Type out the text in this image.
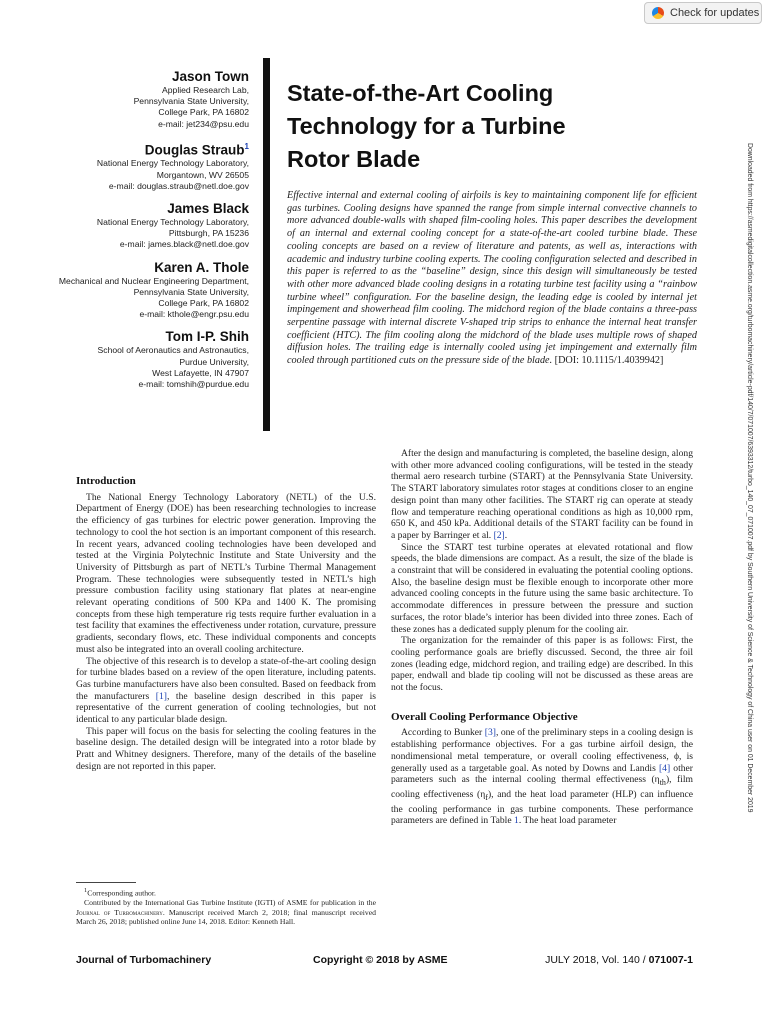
Check for updates
Jason Town
Applied Research Lab,
Pennsylvania State University,
College Park, PA 16802
e-mail: jet234@psu.edu
Douglas Straub$^1$
National Energy Technology Laboratory,
Morgantown, WV 26505
e-mail: douglas.straub@netl.doe.gov
James Black
National Energy Technology Laboratory,
Pittsburgh, PA 15236
e-mail: james.black@netl.doe.gov
Karen A. Thole
Mechanical and Nuclear Engineering Department,
Pennsylvania State University,
College Park, PA 16802
e-mail: kthole@engr.psu.edu
Tom I-P. Shih
School of Aeronautics and Astronautics,
Purdue University,
West Lafayette, IN 47907
e-mail: tomshih@purdue.edu
State-of-the-Art Cooling Technology for a Turbine Rotor Blade
Effective internal and external cooling of airfoils is key to maintaining component life for efficient gas turbines. Cooling designs have spanned the range from simple internal convective channels to more advanced double-walls with shaped film-cooling holes. This paper describes the development of an internal and external cooling concept for a state-of-the-art cooled turbine blade. These cooling concepts are based on a review of literature and patents, as well as, interactions with academic and industry turbine cooling experts. The cooling configuration selected and described in this paper is referred to as the “baseline” design, since this design will simultaneously be tested with other more advanced blade cooling designs in a rotating turbine test facility using a “rainbow turbine wheel” configuration. For the baseline design, the leading edge is cooled by internal jet impingement and showerhead film cooling. The midchord region of the blade contains a three-pass serpentine passage with internal discrete V-shaped trip strips to enhance the internal heat transfer coefficient (HTC). The film cooling along the midchord of the blade uses multiple rows of shaped diffusion holes. The trailing edge is internally cooled using jet impingement and externally film cooled through partitioned cuts on the pressure side of the blade. [DOI: 10.1115/1.4039942]	Downloaded from https://asmedigitalcollection.asme.org/turbomachinery/article-pdf/140/7/071007/6393312/turbo_140_07_071007.pdf by Southern University of Science & Technology of China user on 01 December 2019
Introduction

The National Energy Technology Laboratory (NETL) of the U.S. Department of Energy (DOE) has been researching technologies to increase the efficiency of gas turbines for electric power generation. Improving the technology to cool the hot section is an important component of this research. In recent years, advanced cooling technologies have been developed and tested at the Virginia Polytechnic Institute and State University and the University of Pittsburgh as part of NETL’s Turbine Thermal Management Program. These technologies were subsequently tested in NETL’s high pressure combustion facility using stationary flat plates at near-engine relevant operating conditions of 500 KPa and 1400 K. The promising concepts from these high temperature rig tests require further evaluation in a test facility that examines the effectiveness under rotation, curvature, pressure gradients, secondary flows, etc. These individual components and concepts must also be integrated into an overall cooling architecture.

The objective of this research is to develop a state-of-the-art cooling design for turbine blades based on a review of the open literature, including patents. Gas turbine manufacturers have also been consulted. Based on feedback from the manufacturers [1], the baseline design described in this paper is representative of the current generation of cooling technologies, but not identical to any particular blade design.

This paper will focus on the basis for selecting the cooling features in the baseline design. The detailed design will be integrated into a rotor blade by Pratt and Whitney designers. Therefore, many of the details of the baseline design are not reported in this paper.

After the design and manufacturing is completed, the baseline design, along with other more advanced cooling configurations, will be tested in the steady thermal aero research turbine (START) at the Pennsylvania State University. The START laboratory simulates rotor stages at conditions closer to an engine design point than many other facilities. The START rig can operate at steady flow and temperature reaching operational conditions as high as 10,000 rpm, 650 K, and 450 kPa. Additional details of the START facility can be found in a paper by Barringer et al. [2].

Since the START test turbine operates at elevated rotational and flow speeds, the blade dimensions are compact. As a result, the size of the blade is a constraint that will be considered in evaluating the potential cooling options. Also, the baseline design must be flexible enough to incorporate other more advanced cooling concepts in the future using the same basic architecture. To accommodate differences in pressure between the pressure and suction surfaces, the rotor blade’s interior has been divided into three zones. Each of these zones has a dedicated supply plenum for the cooling air.

The organization for the remainder of this paper is as follows: First, the cooling performance goals are briefly discussed. Second, the three air foil zones (leading edge, midchord region, and trailing edge) are described. In this paper, endwall and blade tip cooling will not be discussed as these areas are not the focus.

Overall Cooling Performance Objective

According to Bunker [3], one of the preliminary steps in a cooling design is establishing performance objectives. For a gas turbine airfoil design, the nondimensional metal temperature, or overall cooling effectiveness, ϕ, is generally used as a targetable goal. As noted by Downs and Landis [4] other parameters such as the internal cooling thermal effectiveness $(\eta_{th})$, film cooling effectiveness $(\eta_f)$, and the heat load parameter (HLP) can influence the cooling performance in gas turbine components. These performance parameters are defined in Table 1. The heat load parameter

$^1$Corresponding author.

Contributed by the International Gas Turbine Institute (IGTI) of ASME for publication in the Journal of Turbomachinery. Manuscript received March 2, 2018; final manuscript received March 26, 2018; published online June 14, 2018. Editor: Kenneth Hall.

Journal of Turbomachinery	Copyright © 2018 by ASME	JULY 2018, Vol. 140 / 071007-1
